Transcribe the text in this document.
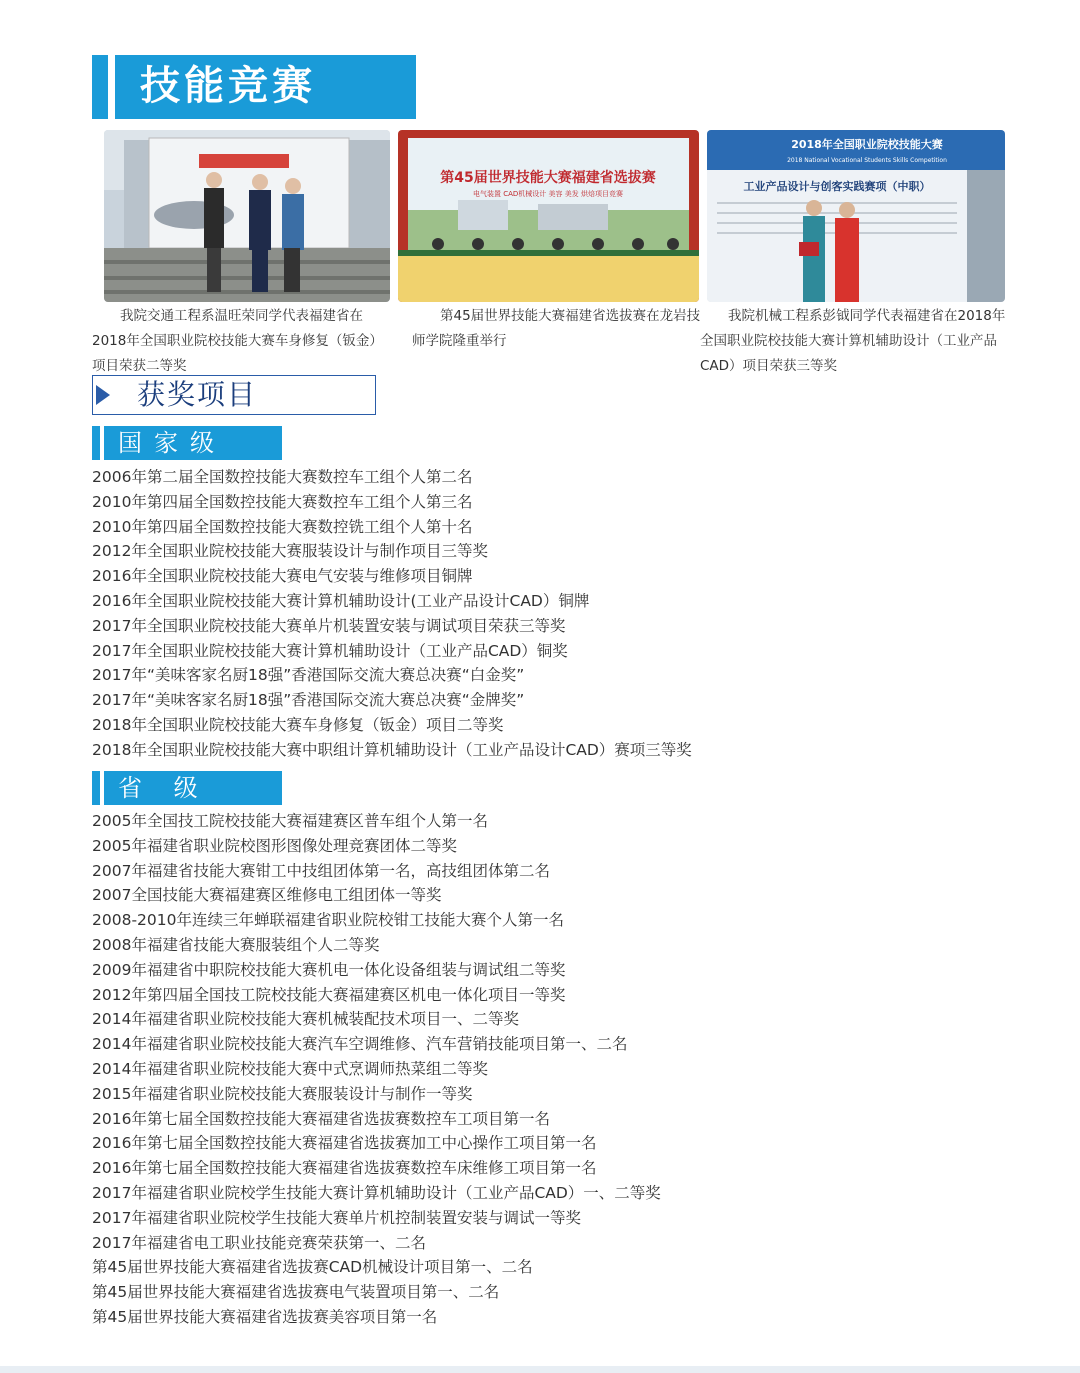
技能竞赛
第45届世界技能大赛福建省选拔赛
电气装置 CAD机械设计 美容 美发 烘焙项目竞赛
2018年全国职业院校技能大赛
2018 National Vocational Students Skills Competition
工业产品设计与创客实践赛项（中职）
我院交通工程系温旺荣同学代表福建省在2018年全国职业院校技能大赛车身修复（钣金）项目荣获二等奖
第45届世界技能大赛福建省选拔赛在龙岩技师学院隆重举行
我院机械工程系彭钺同学代表福建省在2018年全国职业院校技能大赛计算机辅助设计（工业产品CAD）项目荣获三等奖
获奖项目
国家级
2006年第二届全国数控技能大赛数控车工组个人第二名
2010年第四届全国数控技能大赛数控车工组个人第三名
2010年第四届全国数控技能大赛数控铣工组个人第十名
2012年全国职业院校技能大赛服装设计与制作项目三等奖
2016年全国职业院校技能大赛电气安装与维修项目铜牌
2016年全国职业院校技能大赛计算机辅助设计(工业产品设计CAD）铜牌
2017年全国职业院校技能大赛单片机装置安装与调试项目荣获三等奖
2017年全国职业院校技能大赛计算机辅助设计（工业产品CAD）铜奖
2017年“美味客家名厨18强”香港国际交流大赛总决赛“白金奖”
2017年“美味客家名厨18强”香港国际交流大赛总决赛“金牌奖”
2018年全国职业院校技能大赛车身修复（钣金）项目二等奖
2018年全国职业院校技能大赛中职组计算机辅助设计（工业产品设计CAD）赛项三等奖
省 级
2005年全国技工院校技能大赛福建赛区普车组个人第一名
2005年福建省职业院校图形图像处理竞赛团体二等奖
2007年福建省技能大赛钳工中技组团体第一名，高技组团体第二名
2007全国技能大赛福建赛区维修电工组团体一等奖
2008-2010年连续三年蝉联福建省职业院校钳工技能大赛个人第一名
2008年福建省技能大赛服装组个人二等奖
2009年福建省中职院校技能大赛机电一体化设备组装与调试组二等奖
2012年第四届全国技工院校技能大赛福建赛区机电一体化项目一等奖
2014年福建省职业院校技能大赛机械装配技术项目一、二等奖
2014年福建省职业院校技能大赛汽车空调维修、汽车营销技能项目第一、二名
2014年福建省职业院校技能大赛中式烹调师热菜组二等奖
2015年福建省职业院校技能大赛服装设计与制作一等奖
2016年第七届全国数控技能大赛福建省选拔赛数控车工项目第一名
2016年第七届全国数控技能大赛福建省选拔赛加工中心操作工项目第一名
2016年第七届全国数控技能大赛福建省选拔赛数控车床维修工项目第一名
2017年福建省职业院校学生技能大赛计算机辅助设计（工业产品CAD）一、二等奖
2017年福建省职业院校学生技能大赛单片机控制装置安装与调试一等奖
2017年福建省电工职业技能竞赛荣获第一、二名
第45届世界技能大赛福建省选拔赛CAD机械设计项目第一、二名
第45届世界技能大赛福建省选拔赛电气装置项目第一、二名
第45届世界技能大赛福建省选拔赛美容项目第一名
